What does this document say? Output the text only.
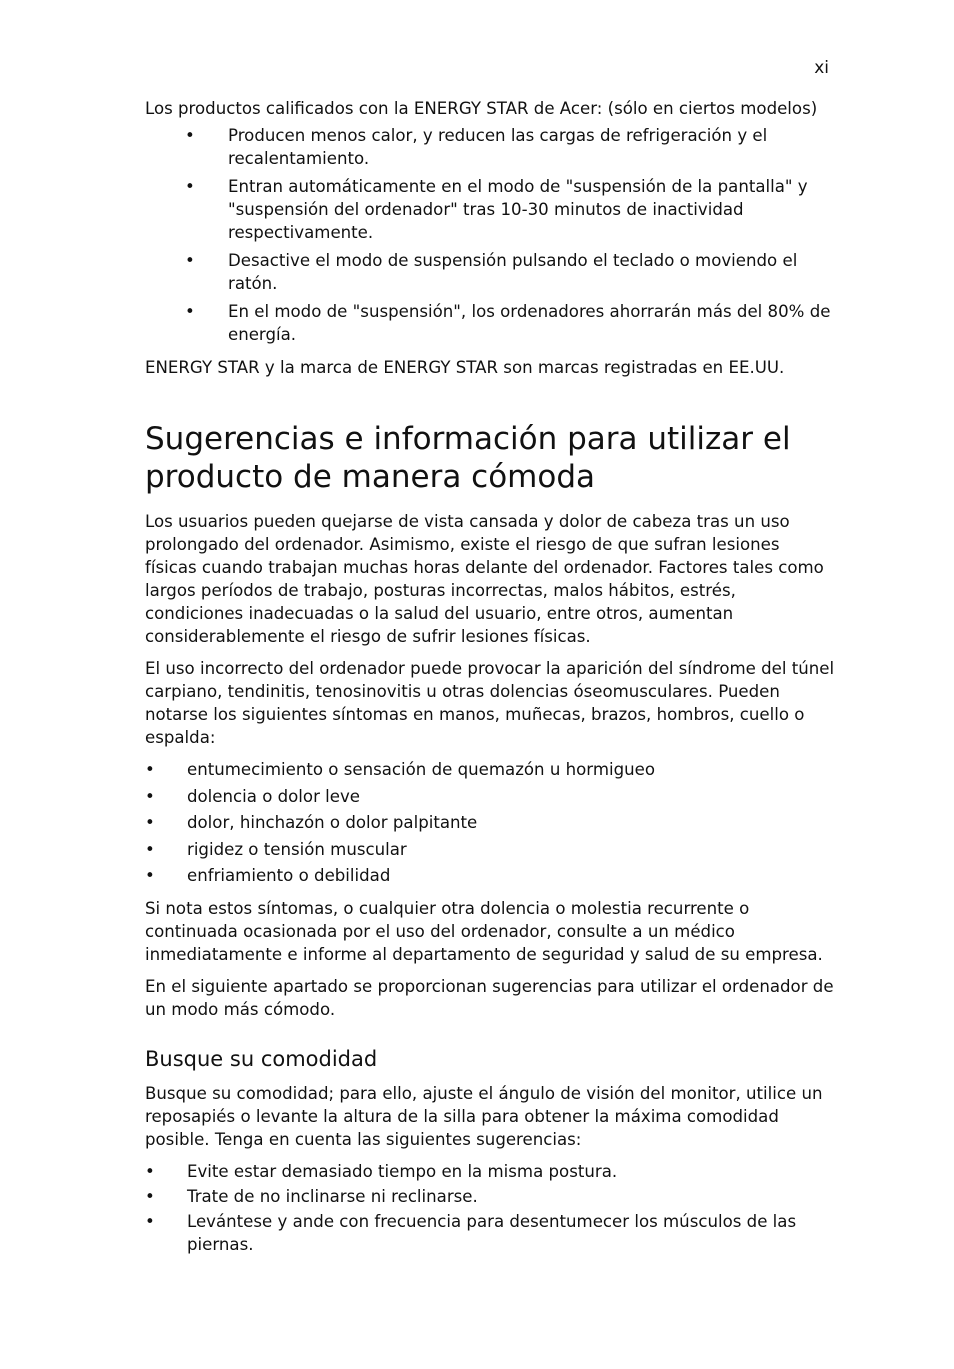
xi

Los productos calificados con la ENERGY STAR de Acer: (sólo en ciertos modelos)

• Producen menos calor, y reducen las cargas de refrigeración y el recalentamiento.
• Entran automáticamente en el modo de "suspensión de la pantalla" y "suspensión del ordenador" tras 10-30 minutos de inactividad respectivamente.
• Desactive el modo de suspensión pulsando el teclado o moviendo el ratón.
• En el modo de "suspensión", los ordenadores ahorrarán más del 80% de energía.

ENERGY STAR y la marca de ENERGY STAR son marcas registradas en EE.UU.

Sugerencias e información para utilizar el
producto de manera cómoda

Los usuarios pueden quejarse de vista cansada y dolor de cabeza tras un uso prolongado del ordenador. Asimismo, existe el riesgo de que sufran lesiones físicas cuando trabajan muchas horas delante del ordenador. Factores tales como largos períodos de trabajo, posturas incorrectas, malos hábitos, estrés, condiciones inadecuadas o la salud del usuario, entre otros, aumentan considerablemente el riesgo de sufrir lesiones físicas.

El uso incorrecto del ordenador puede provocar la aparición del síndrome del túnel carpiano, tendinitis, tenosinovitis u otras dolencias óseomusculares. Pueden notarse los siguientes síntomas en manos, muñecas, brazos, hombros, cuello o espalda:

• entumecimiento o sensación de quemazón u hormigueo
• dolencia o dolor leve
• dolor, hinchazón o dolor palpitante
• rigidez o tensión muscular
• enfriamiento o debilidad

Si nota estos síntomas, o cualquier otra dolencia o molestia recurrente o continuada ocasionada por el uso del ordenador, consulte a un médico inmediatamente e informe al departamento de seguridad y salud de su empresa.

En el siguiente apartado se proporcionan sugerencias para utilizar el ordenador de un modo más cómodo.

Busque su comodidad

Busque su comodidad; para ello, ajuste el ángulo de visión del monitor, utilice un reposapiés o levante la altura de la silla para obtener la máxima comodidad posible. Tenga en cuenta las siguientes sugerencias:

• Evite estar demasiado tiempo en la misma postura.
• Trate de no inclinarse ni reclinarse.
• Levántese y ande con frecuencia para desentumecer los músculos de las piernas.
